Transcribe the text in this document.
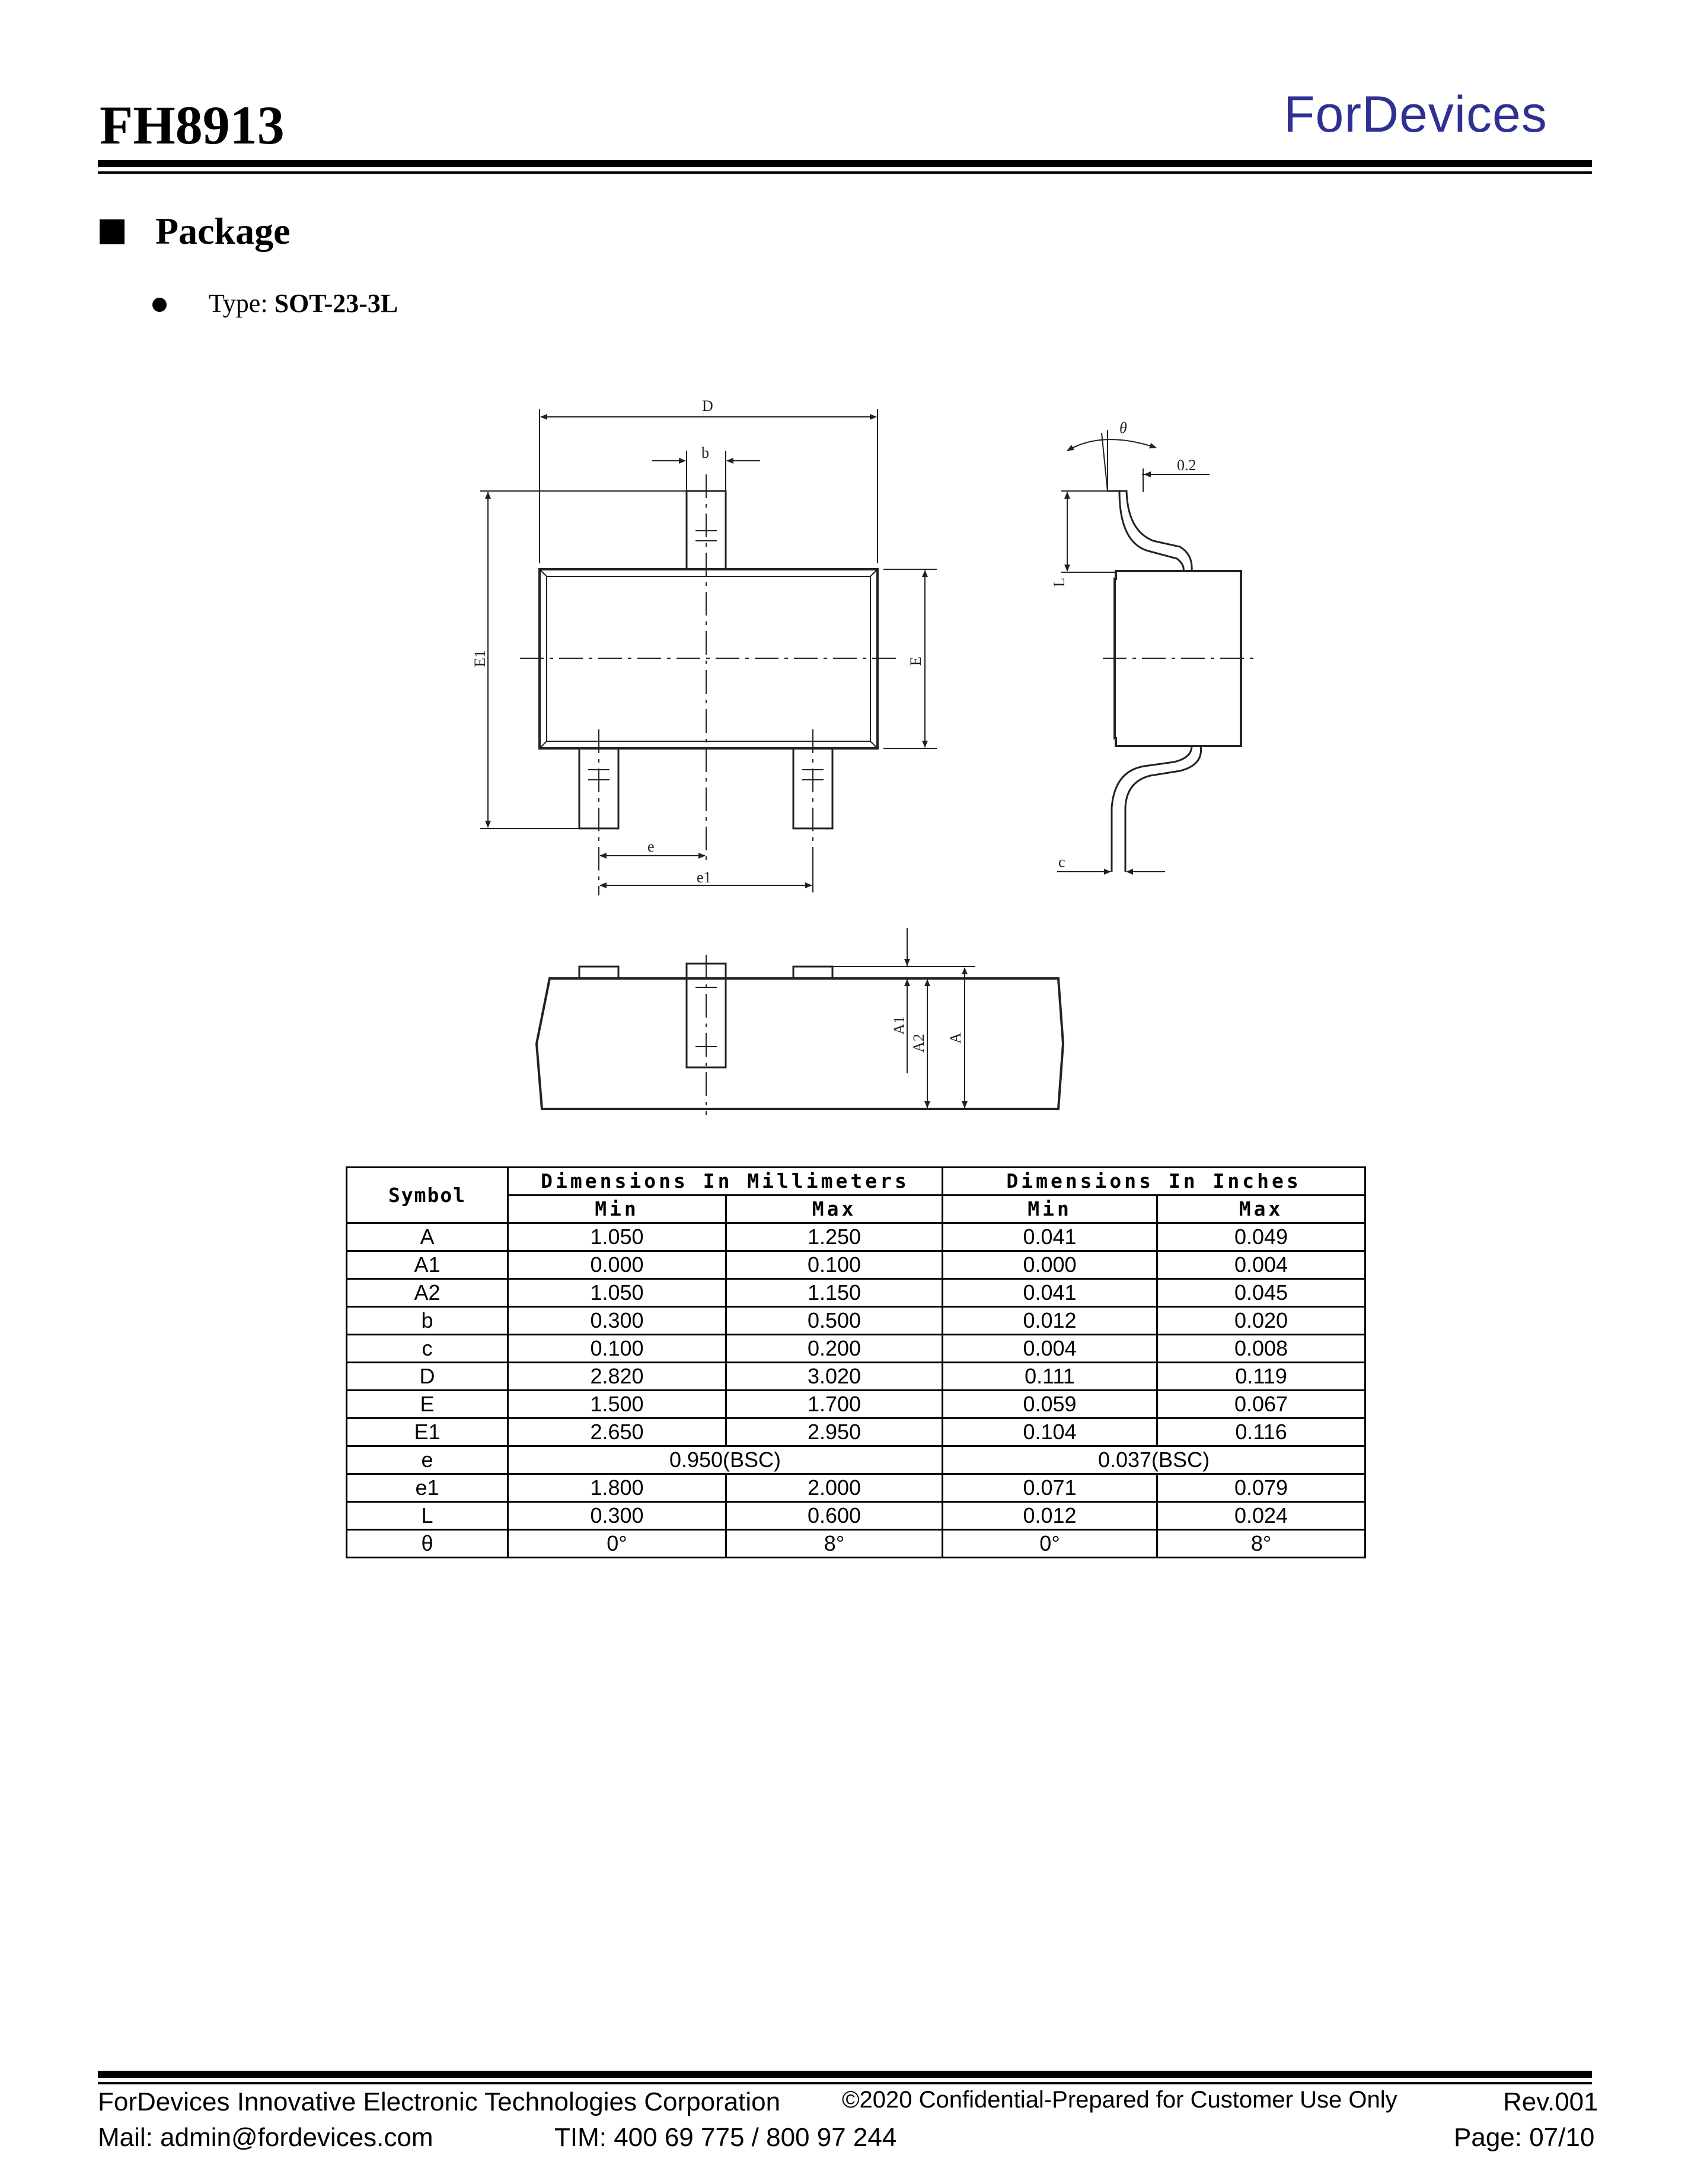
FH8913	ForDevices
Package
Type: SOT-23-3L
D
b
E1	E
e
e1
θ
0.2
L
c
A1
A2 A
Symbol	Dimensions In Millimeters		Dimensions In Inches	
	Min	Max	Min	Max
A	1.050	1.250	0.041	0.049
A1	0.000	0.100	0.000	0.004
A2	1.050	1.150	0.041	0.045
b	0.300	0.500	0.012	0.020
c	0.100	0.200	0.004	0.008
D	2.820	3.020	0.111	0.119
E	1.500	1.700	0.059	0.067
E1	2.650	2.950	0.104	0.116
e	0.950(BSC)		0.037(BSC)	
e1	1.800	2.000	0.071	0.079
L	0.300	0.600	0.012	0.024
θ	0°	8°	0°	8°
ForDevices Innovative Electronic Technologies Corporation	©2020 Confidential-Prepared for Customer Use Only	Rev.001
Mail: admin@fordevices.com	TIM: 400 69 775 / 800 97 244	Page: 07/10
